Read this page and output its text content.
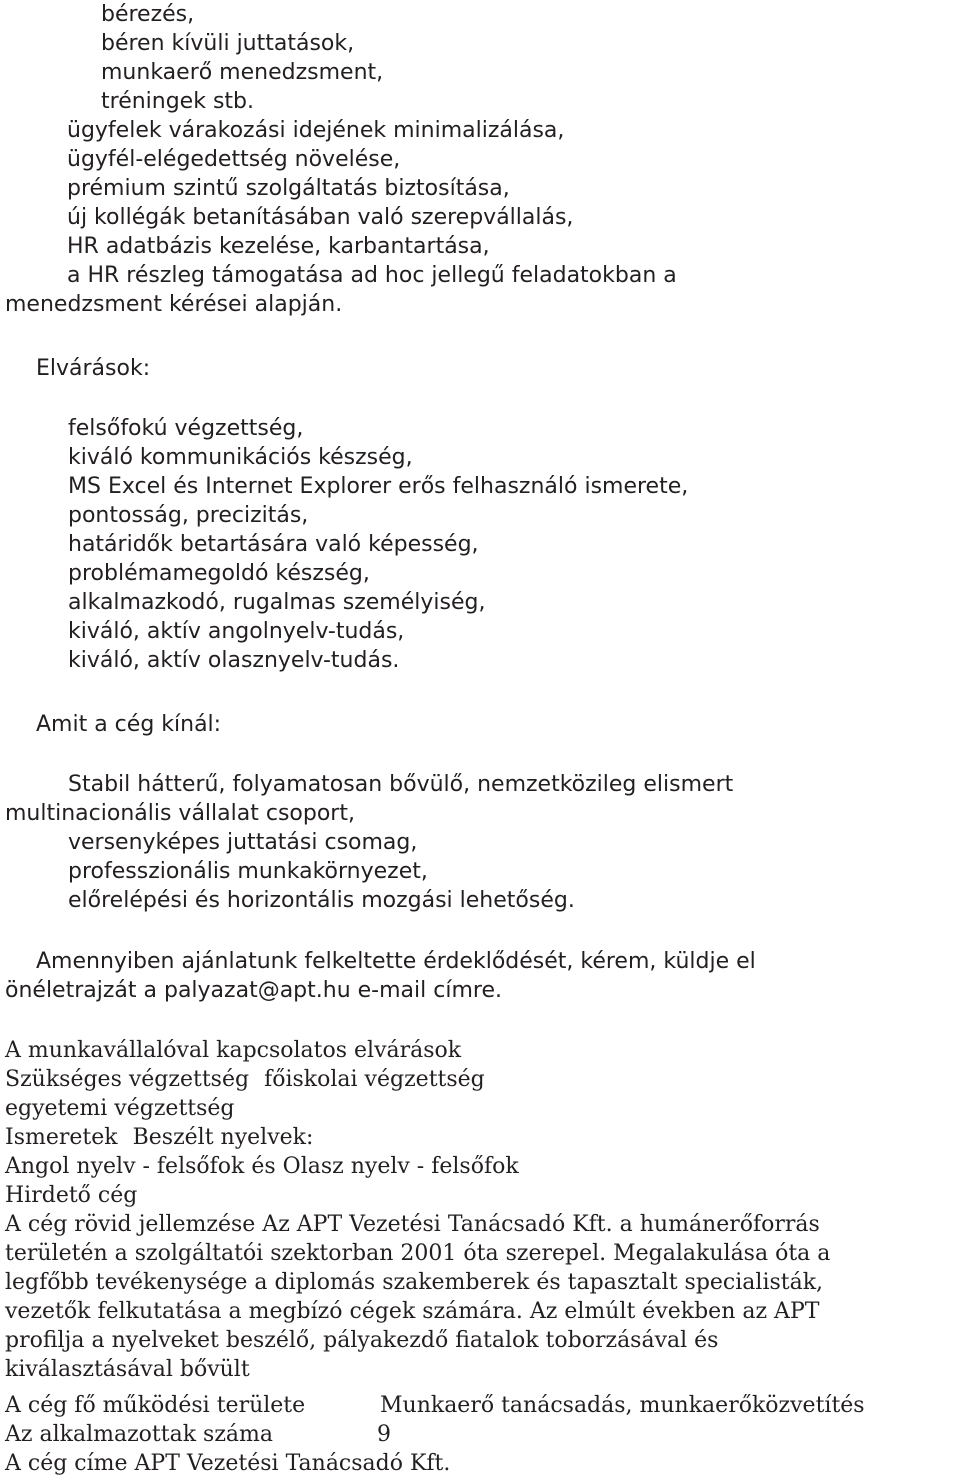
bérezés,

béren kívüli juttatások,

munkaerő menedzsment,

tréningek stb.

ügyfelek várakozási idejének minimalizálása,

ügyfél-elégedettség növelése,

prémium szintű szolgáltatás biztosítása,

új kollégák betanításában való szerepvállalás,

HR adatbázis kezelése, karbantartása,

a HR részleg támogatása ad hoc jellegű feladatokban a

menedzsment kérései alapján.

Elvárások:

felsőfokú végzettség,

kiváló kommunikációs készség,

MS Excel és Internet Explorer erős felhasználó ismerete,

pontosság, precizitás,

határidők betartására való képesség,

problémamegoldó készség,

alkalmazkodó, rugalmas személyiség,

kiváló, aktív angolnyelv-tudás,

kiváló, aktív olasznyelv-tudás.

Amit a cég kínál:

Stabil hátterű, folyamatosan bővülő, nemzetközileg elismert

multinacionális vállalat csoport,

versenyképes juttatási csomag,

professzionális munkakörnyezet,

előrelépési és horizontális mozgási lehetőség.

Amennyiben ajánlatunk felkeltette érdeklődését, kérem, küldje el

önéletrajzát a palyazat@apt.hu e-mail címre.

A munkavállalóval kapcsolatos elvárások

Szükséges végzettség főiskolai végzettség

egyetemi végzettség

Ismeretek Beszélt nyelvek:

Angol nyelv - felsőfok és Olasz nyelv - felsőfok

Hirdető cég

A cég rövid jellemzése Az APT Vezetési Tanácsadó Kft. a humánerőforrás

területén a szolgáltatói szektorban 2001 óta szerepel. Megalakulása óta a

legfőbb tevékenysége a diplomás szakemberek és tapasztalt specialisták,

vezetők felkutatása a megbízó cégek számára. Az elmúlt években az APT

profilja a nyelveket beszélő, pályakezdő fiatalok toborzásával és

kiválasztásával bővült

A cég fő működési területe	Munkaerő tanácsadás, munkaerőközvetítés

Az alkalmazottak száma	9

A cég címe APT Vezetési Tanácsadó Kft.
